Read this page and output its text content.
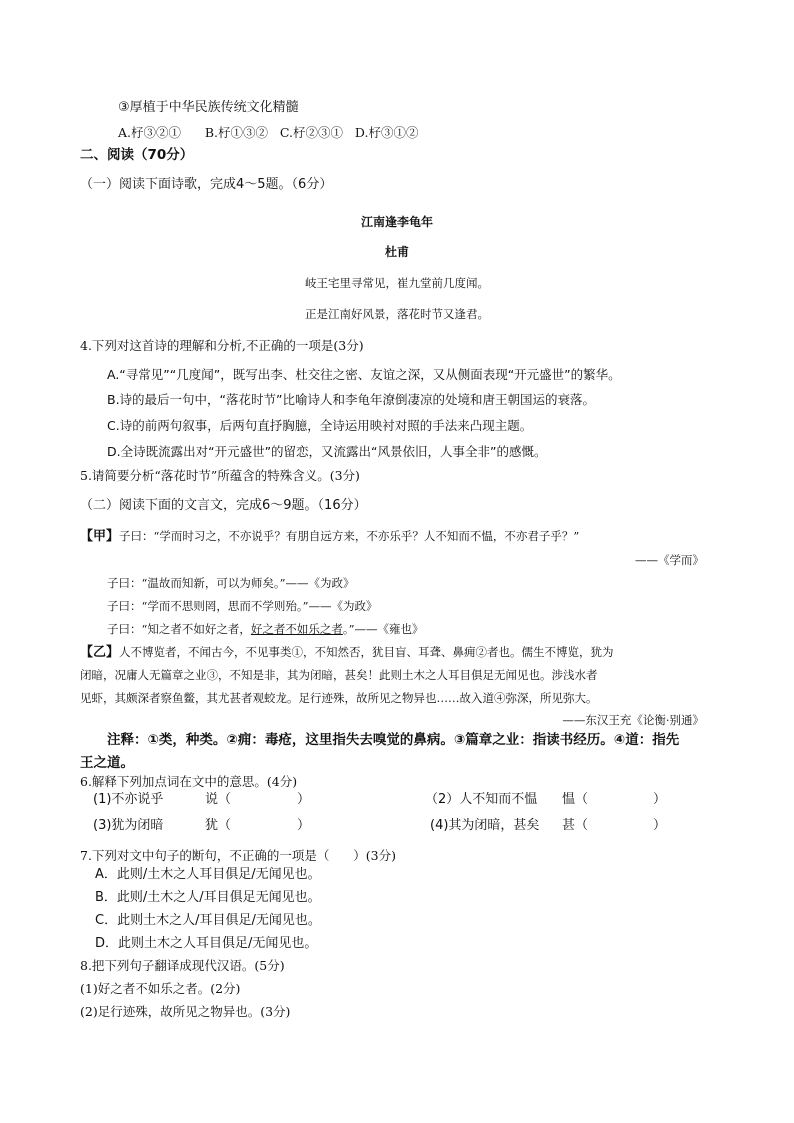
③厚植于中华民族传统文化精髓
A.杍③②①      B.杍①③②   C.杍②③①   D.杍③①②
二、阅读（70分）
（一）阅读下面诗歌，完成4～5题。（6分）
江南逢李龟年
杜甫
岐王宅里寻常见，崔九堂前几度闻。
正是江南好风景，落花时节又逢君。
4.下列对这首诗的理解和分析,不正确的一项是(3分)
A.“寻常见”“几度闻”，既写出李、杜交往之密、友谊之深，又从侧面表现“开元盛世”的繁华。
B.诗的最后一句中，“落花时节”比喻诗人和李龟年潦倒凄凉的处境和唐王朝国运的衰落。
C.诗的前两句叙事，后两句直抒胸臆，全诗运用映衬对照的手法来凸现主题。
D.全诗既流露出对“开元盛世”的留恋，又流露出“风景依旧，人事全非”的感慨。
5.请简要分析“落花时节”所蕴含的特殊含义。(3分)
（二）阅读下面的文言文，完成6～9题。（16分）
【甲】子曰：“学而时习之，不亦说乎？有朋自远方来，不亦乐乎？人不知而不愠，不亦君子乎？”
——《学而》
子曰：“温故而知新，可以为师矣。”——《为政》
子曰：“学而不思则罔，思而不学则殆。”——《为政》
子曰：“知之者不如好之者，好之者不如乐之者。”——《雍也》
【乙】人不博览者，不闻古今，不见事类①，不知然否，犹目盲、耳聋、鼻痈②者也。儒生不博览，犹为
闭暗，况庸人无篇章之业③，不知是非，其为闭暗，甚矣！此则土木之人耳目俱足无闻见也。涉浅水者
见虾，其颇深者察鱼鳖，其尤甚者观蛟龙。足行迹殊，故所见之物异也……故入道④弥深，所见弥大。
——东汉王充《论衡·别通》
注释：①类，种类。②痈：毒疮，这里指失去嗅觉的鼻病。③篇章之业：指读书经历。④道：指先
王之道。
6.解释下列加点词在文中的意思。(4分)
(1)不亦说乎	说（	）	（2）人不知而不愠 愠（	）
(3)犹为闭暗	犹（	）	(4)其为闭暗，甚矣 甚（	）
7.下列对文中句子的断句，不正确的一项是（      ）(3分)
A．此则/土木之人耳目俱足/无闻见也。
B．此则/土木之人/耳目俱足无闻见也。
C．此则土木之人/耳目俱足/无闻见也。
D．此则土木之人耳目俱足/无闻见也。
8.把下列句子翻译成现代汉语。(5分)
(1)好之者不如乐之者。(2分)
(2)足行迹殊，故所见之物异也。(3分)
